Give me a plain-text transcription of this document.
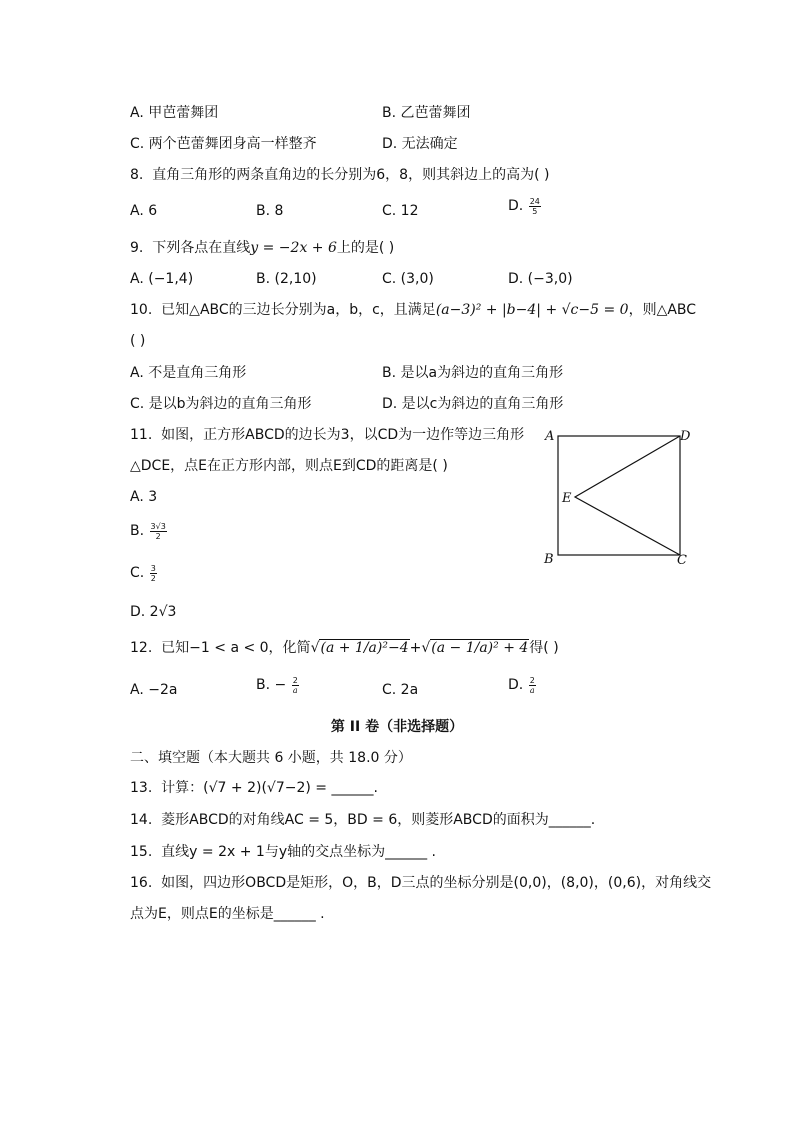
A. 甲芭蕾舞团	B. 乙芭蕾舞团
C. 两个芭蕾舞团身高一样整齐	D. 无法确定
8. 直角三角形的两条直角边的长分别为6，8，则其斜边上的高为( )
A. 6	B. 8	C. 12	D. $\frac{24}{5}$
9. 下列各点在直线y = −2x + 6上的是( )
A. (−1,4)	B. (2,10)	C. (3,0)	D. (−3,0)
10. 已知△ABC的三边长分别为a，b，c，且满足(a−3)² + |b−4| + √c−5 = 0，则△ABC
( )
A. 不是直角三角形	B. 是以a为斜边的直角三角形
C. 是以b为斜边的直角三角形	D. 是以c为斜边的直角三角形
11. 如图，正方形ABCD的边长为3，以CD为一边作等边三角形
△DCE，点E在正方形内部，则点E到CD的距离是( )
A. 3
B. $\frac{3√3}{2}$
C. $\frac{3}{2}$
D. 2√3
A	D
E
B	C
12. 已知−1 < a < 0，化简√(a + 1/a)²−4+√(a − 1/a)² + 4得( )
A. −2a	B. − $\frac{2}{a}$	C. 2a	D. $\frac{2}{a}$
第 II 卷（非选择题）
二、填空题（本大题共 6 小题，共 18.0 分）
13. 计算：(√7 + 2)(√7−2) = ______.
14. 菱形ABCD的对角线AC = 5，BD = 6，则菱形ABCD的面积为______.
15. 直线y = 2x + 1与y轴的交点坐标为______ .
16. 如图，四边形OBCD是矩形，O，B，D三点的坐标分别是(0,0)，(8,0)，(0,6)，对角线交
点为E，则点E的坐标是______ .
